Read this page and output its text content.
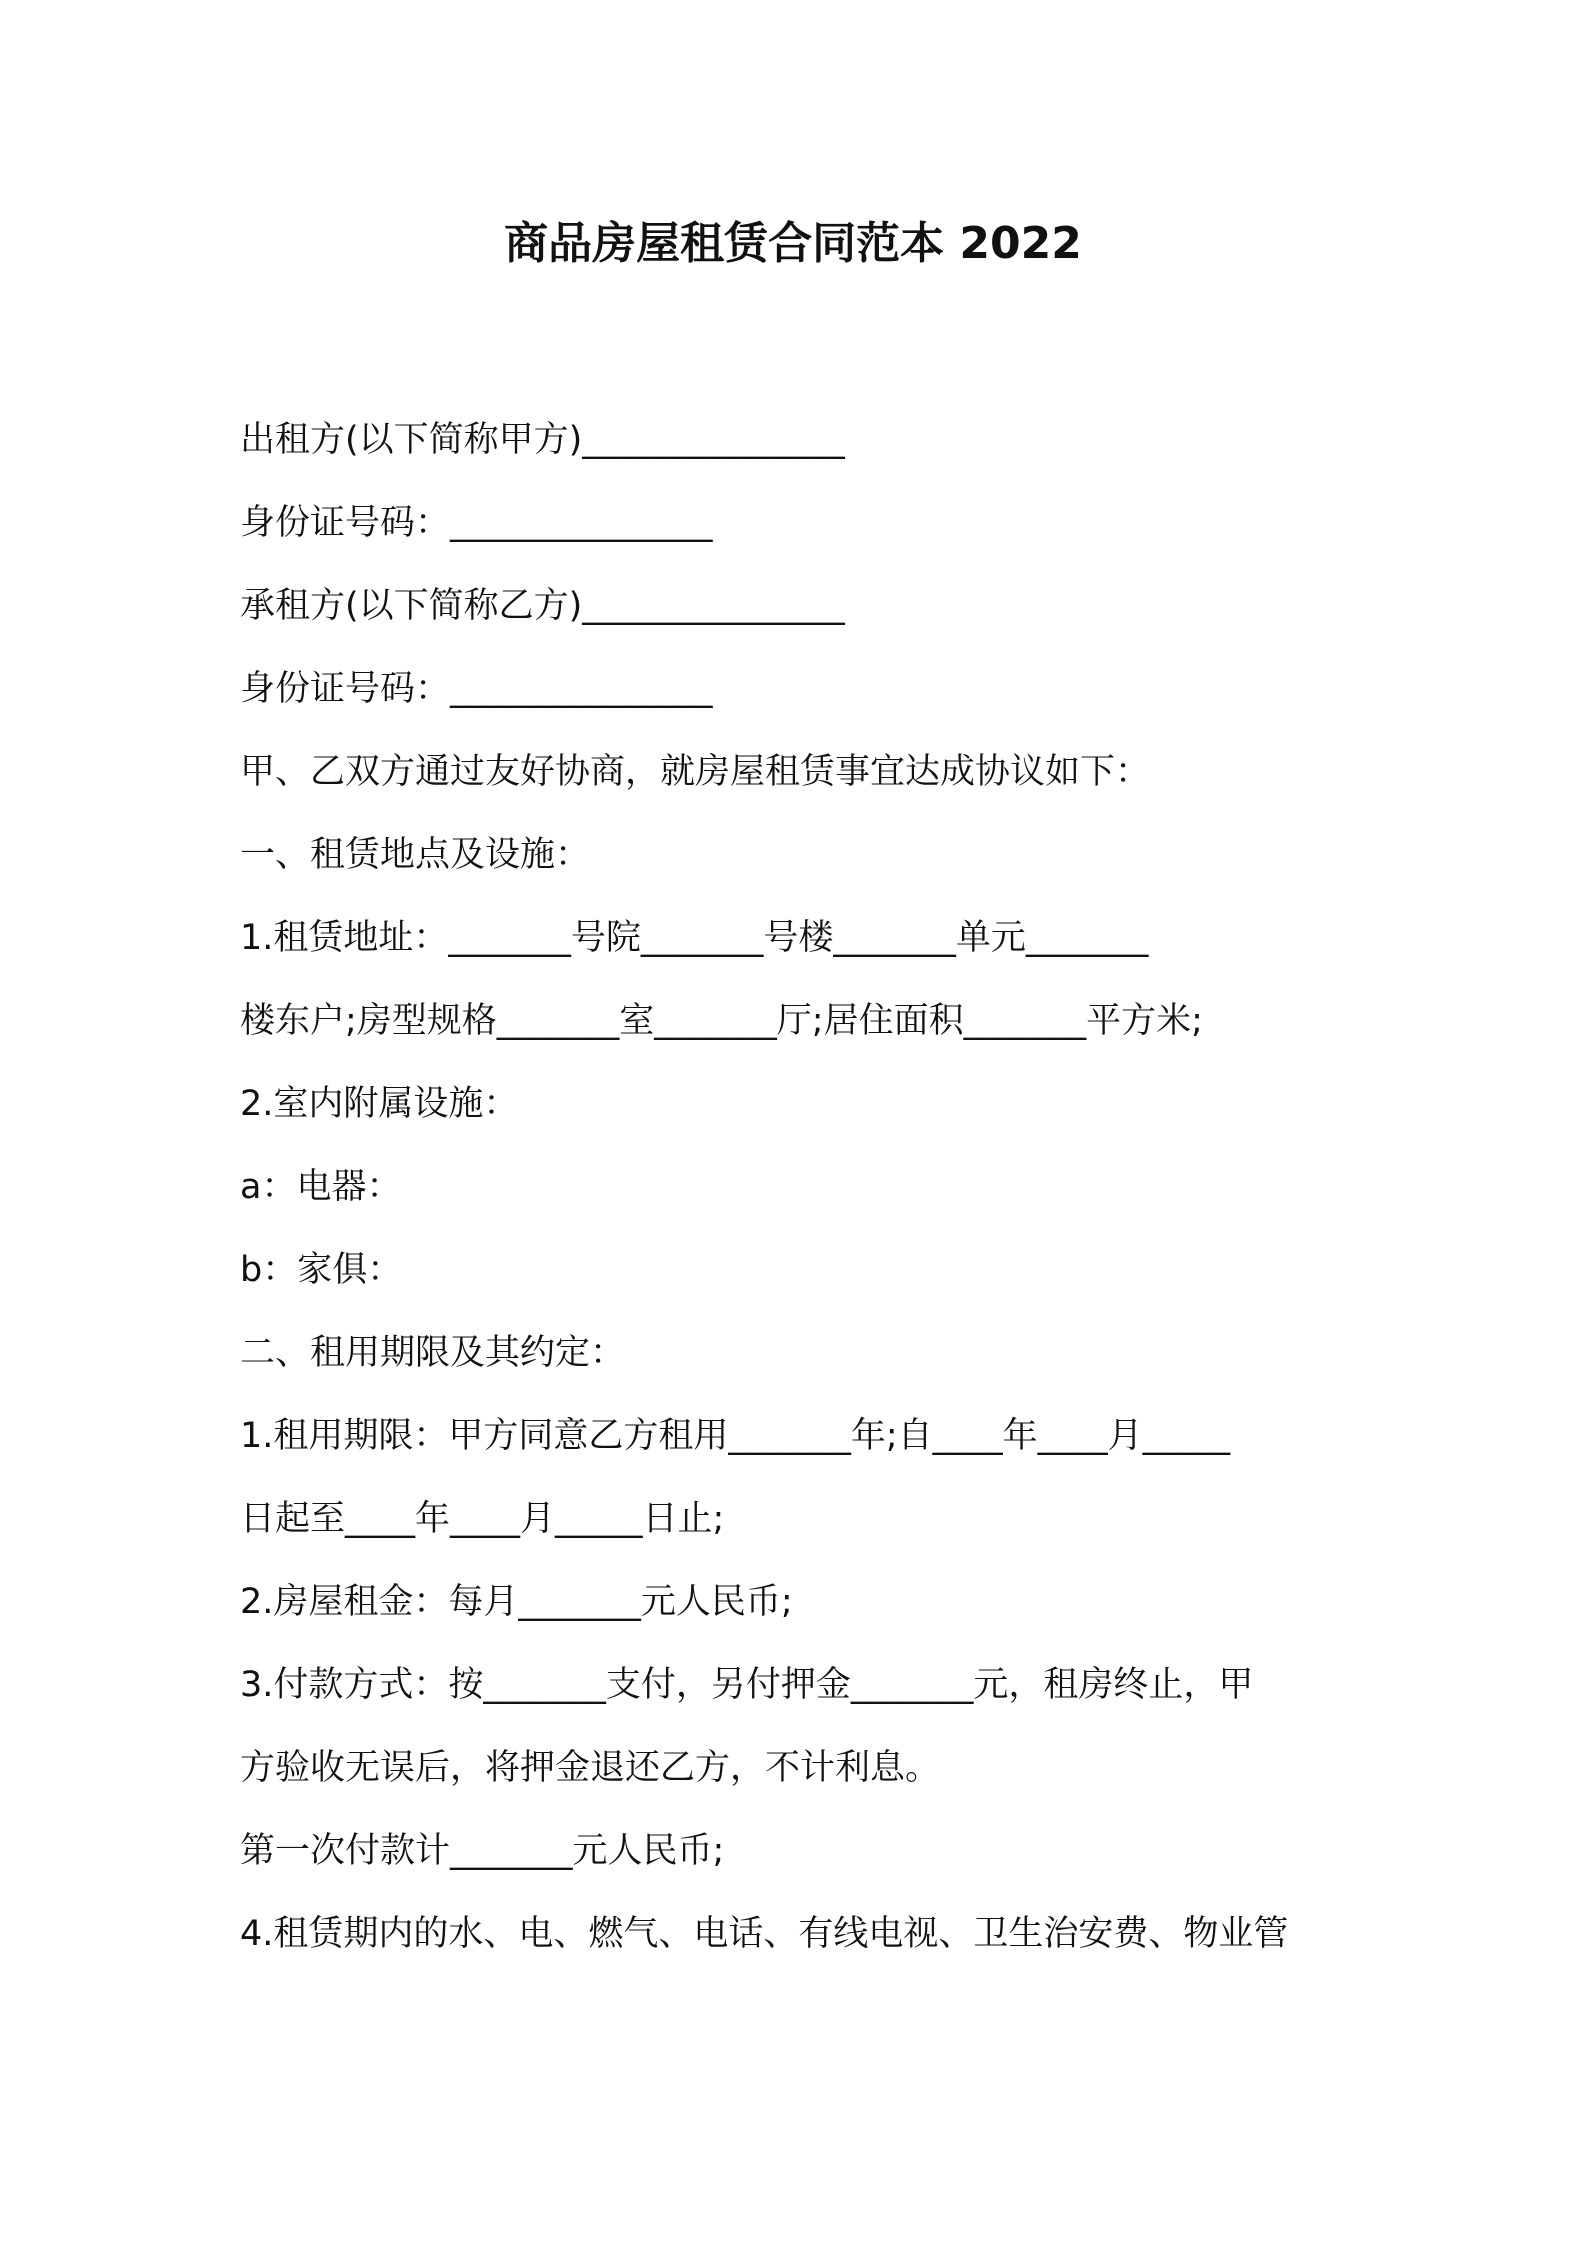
商品房屋租赁合同范本 2022
出租方(以下简称甲方)_______________
身份证号码：_______________
承租方(以下简称乙方)_______________
身份证号码：_______________
甲、乙双方通过友好协商，就房屋租赁事宜达成协议如下：
一、租赁地点及设施：
1.租赁地址：_______号院_______号楼_______单元_______
楼东户;房型规格_______室_______厅;居住面积_______平方米;
2.室内附属设施：
a：电器：
b：家俱：
二、租用期限及其约定：
1.租用期限：甲方同意乙方租用_______年;自____年____月_____
日起至____年____月_____日止;
2.房屋租金：每月_______元人民币;
3.付款方式：按_______支付，另付押金_______元，租房终止，甲
方验收无误后，将押金退还乙方，不计利息。
第一次付款计_______元人民币;
4.租赁期内的水、电、燃气、电话、有线电视、卫生治安费、物业管
